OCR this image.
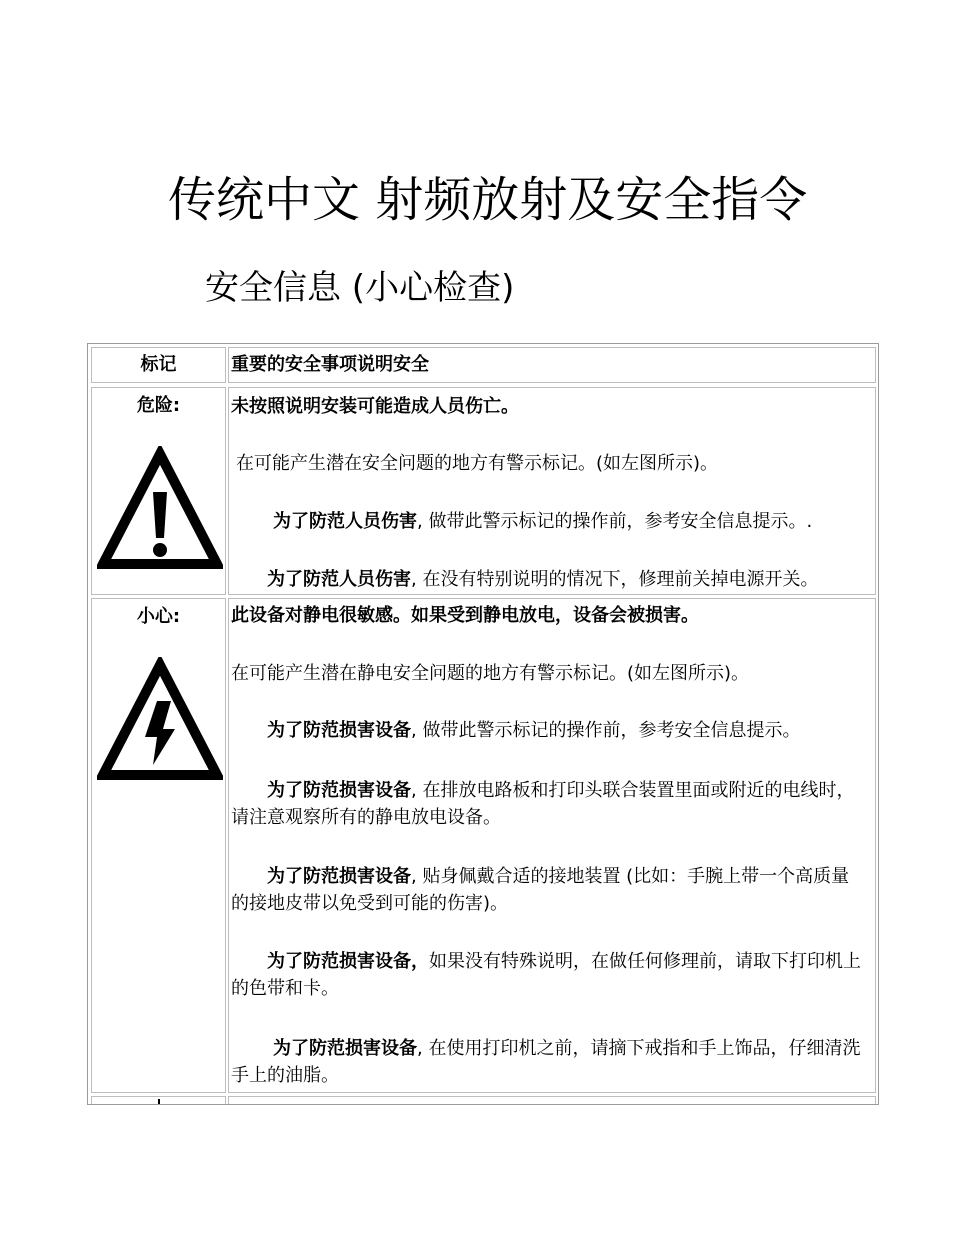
传统中文 射频放射及安全指令
安全信息 (小心检查)
标记	重要的安全事项说明安全
危险:	未按照说明安装可能造成人员伤亡。
在可能产生潜在安全问题的地方有警示标记。(如左图所示)。
为了防范人员伤害, 做带此警示标记的操作前，参考安全信息提示。.
为了防范人员伤害, 在没有特别说明的情况下，修理前关掉电源开关。
小心:	此设备对静电很敏感。如果受到静电放电，设备会被损害。
在可能产生潜在静电安全问题的地方有警示标记。(如左图所示)。
为了防范损害设备, 做带此警示标记的操作前，参考安全信息提示。
为了防范损害设备, 在排放电路板和打印头联合装置里面或附近的电线时，
请注意观察所有的静电放电设备。
为了防范损害设备, 贴身佩戴合适的接地装置 (比如：手腕上带一个高质量
的接地皮带以免受到可能的伤害)。
为了防范损害设备，如果没有特殊说明，在做任何修理前，请取下打印机上
的色带和卡。
为了防范损害设备, 在使用打印机之前，请摘下戒指和手上饰品，仔细清洗
手上的油脂。
